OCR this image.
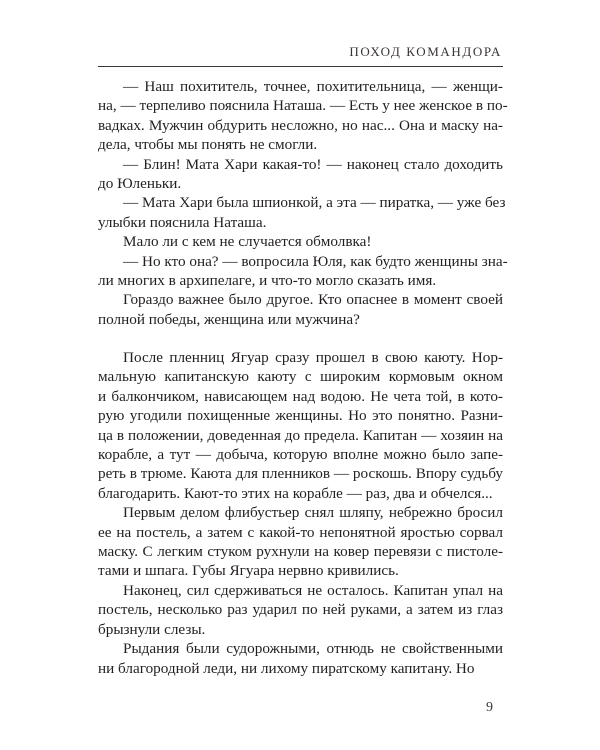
ПОХОД КОМАНДОРА
— Наш похититель, точнее, похитительница, — женщи-
на, — терпеливо пояснила Наташа. — Есть у нее женское в по-
вадках. Мужчин обдурить несложно, но нас... Она и маску на-
дела, чтобы мы понять не смогли.
— Блин! Мата Хари какая-то! — наконец стало доходить
до Юленьки.
— Мата Хари была шпионкой, а эта — пиратка, — уже без
улыбки пояснила Наташа.
Мало ли с кем не случается обмолвка!
— Но кто она? — вопросила Юля, как будто женщины зна-
ли многих в архипелаге, и что-то могло сказать имя.
Гораздо важнее было другое. Кто опаснее в момент своей
полной победы, женщина или мужчина?
После пленниц Ягуар сразу прошел в свою каюту. Нор-
мальную капитанскую каюту с широким кормовым окном
и балкончиком, нависающем над водою. Не чета той, в кото-
рую угодили похищенные женщины. Но это понятно. Разни-
ца в положении, доведенная до предела. Капитан — хозяин на
корабле, а тут — добыча, которую вполне можно было запе-
реть в трюме. Каюта для пленников — роскошь. Впору судьбу
благодарить. Кают-то этих на корабле — раз, два и обчелся...
Первым делом флибустьер снял шляпу, небрежно бросил
ее на постель, а затем с какой-то непонятной яростью сорвал
маску. С легким стуком рухнули на ковер перевязи с пистоле-
тами и шпага. Губы Ягуара нервно кривились.
Наконец, сил сдерживаться не осталось. Капитан упал на
постель, несколько раз ударил по ней руками, а затем из глаз
брызнули слезы.
Рыдания были судорожными, отнюдь не свойственными
ни благородной леди, ни лихому пиратскому капитану. Но
9
